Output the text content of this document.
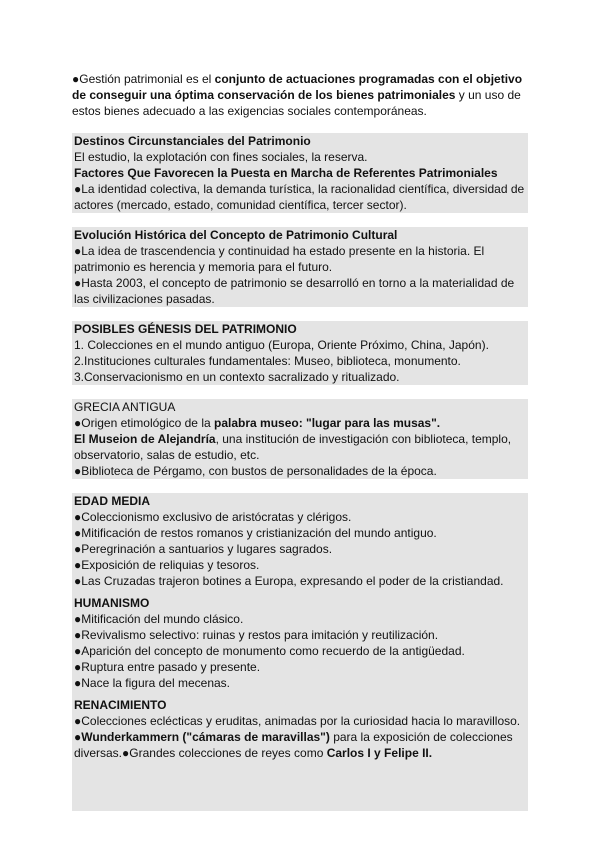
●Gestión patrimonial es el conjunto de actuaciones programadas con el objetivo de conseguir una óptima conservación de los bienes patrimoniales y un uso de estos bienes adecuado a las exigencias sociales contemporáneas.

Destinos Circunstanciales del Patrimonio

El estudio, la explotación con fines sociales, la reserva.

Factores Que Favorecen la Puesta en Marcha de Referentes Patrimoniales

●La identidad colectiva, la demanda turística, la racionalidad científica, diversidad de actores (mercado, estado, comunidad científica, tercer sector).

Evolución Histórica del Concepto de Patrimonio Cultural

●La idea de trascendencia y continuidad ha estado presente en la historia. El patrimonio es herencia y memoria para el futuro.

●Hasta 2003, el concepto de patrimonio se desarrolló en torno a la materialidad de las civilizaciones pasadas.

POSIBLES GÉNESIS DEL PATRIMONIO

1. Colecciones en el mundo antiguo (Europa, Oriente Próximo, China, Japón).

2.Instituciones culturales fundamentales: Museo, biblioteca, monumento.

3.Conservacionismo en un contexto sacralizado y ritualizado.

GRECIA ANTIGUA

●Origen etimológico de la palabra museo: "lugar para las musas".

El Museion de Alejandría, una institución de investigación con biblioteca, templo, observatorio, salas de estudio, etc.

●Biblioteca de Pérgamo, con bustos de personalidades de la época.

EDAD MEDIA

●Coleccionismo exclusivo de aristócratas y clérigos.

●Mitificación de restos romanos y cristianización del mundo antiguo.

●Peregrinación a santuarios y lugares sagrados.

●Exposición de reliquias y tesoros.

●Las Cruzadas trajeron botines a Europa, expresando el poder de la cristiandad.

HUMANISMO

●Mitificación del mundo clásico.

●Revivalismo selectivo: ruinas y restos para imitación y reutilización.

●Aparición del concepto de monumento como recuerdo de la antigüedad.

●Ruptura entre pasado y presente.

●Nace la figura del mecenas.

RENACIMIENTO

●Colecciones eclécticas y eruditas, animadas por la curiosidad hacia lo maravilloso.

●Wunderkammern ("cámaras de maravillas") para la exposición de colecciones diversas.●Grandes colecciones de reyes como Carlos I y Felipe II.
